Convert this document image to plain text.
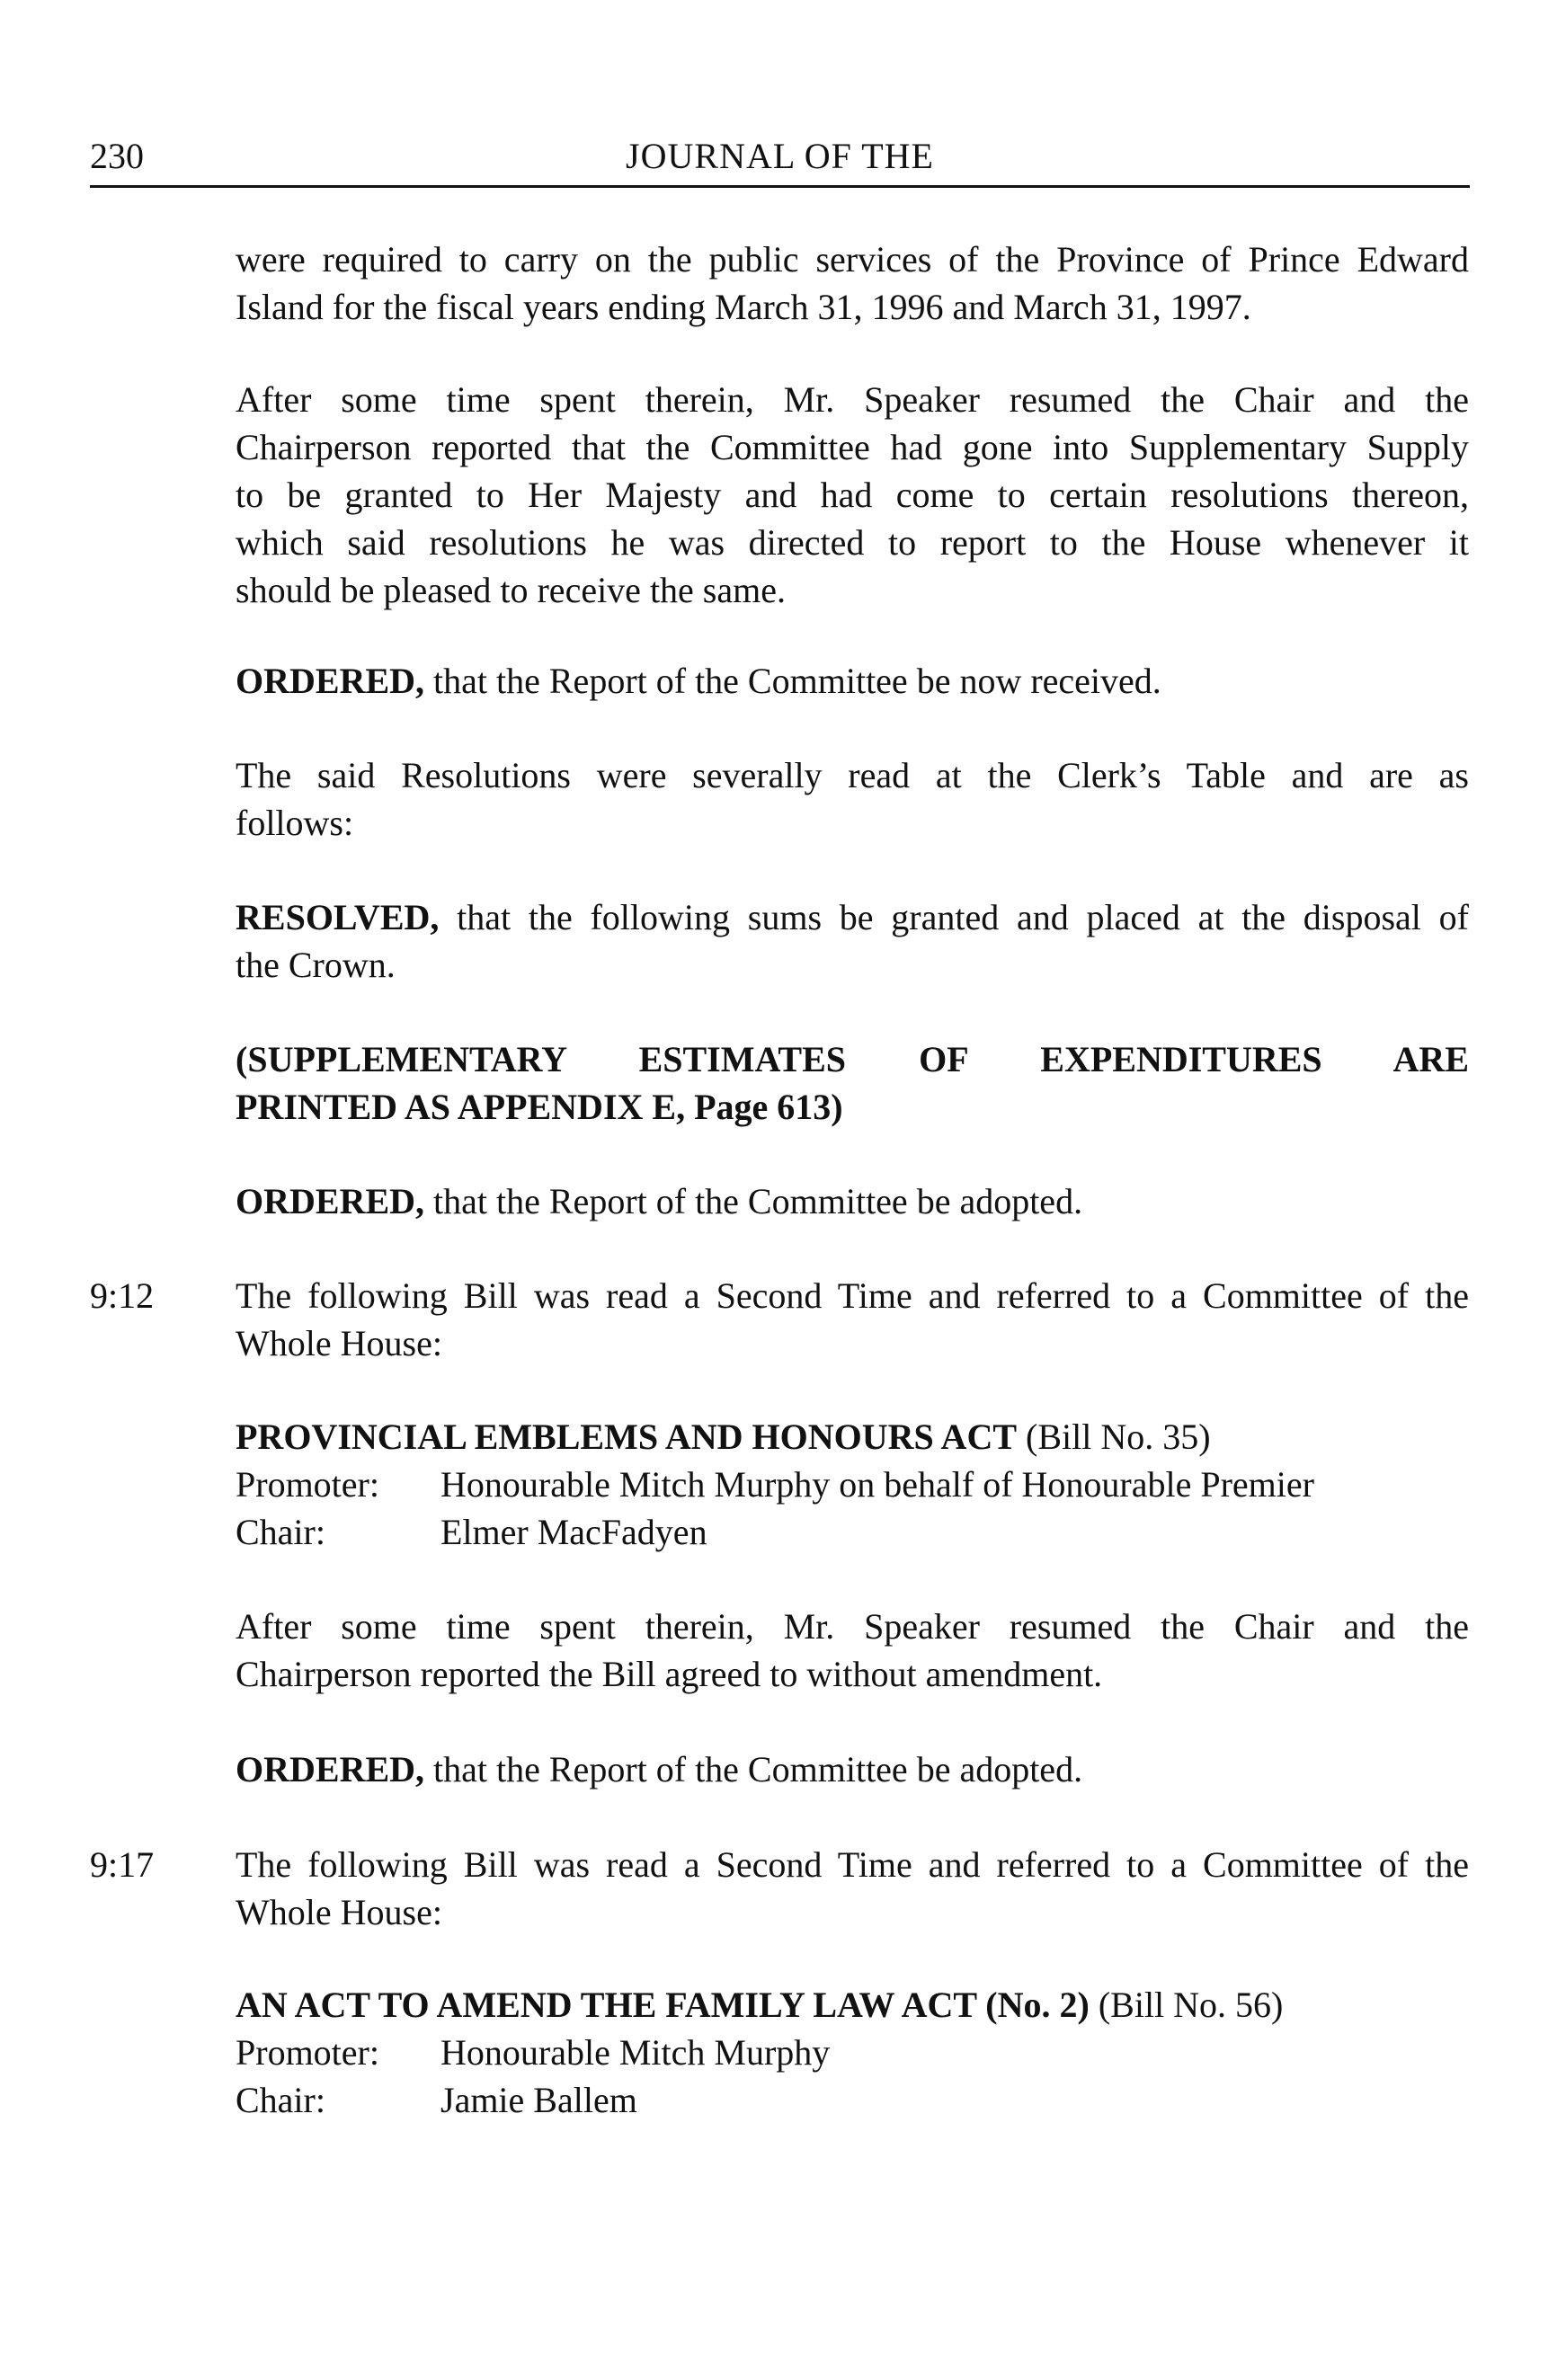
230	JOURNAL OF THE
were required to carry on the public services of the Province of Prince Edward
Island for the fiscal years ending March 31, 1996 and March 31, 1997.
After some time spent therein, Mr. Speaker resumed the Chair and the
Chairperson reported that the Committee had gone into Supplementary Supply
to be granted to Her Majesty and had come to certain resolutions thereon,
which said resolutions he was directed to report to the House whenever it
should be pleased to receive the same.
ORDERED, that the Report of the Committee be now received.
The said Resolutions were severally read at the Clerk’s Table and are as
follows:
RESOLVED, that the following sums be granted and placed at the disposal of
the Crown.
(SUPPLEMENTARY ESTIMATES OF EXPENDITURES ARE
PRINTED AS APPENDIX E, Page 613)
ORDERED, that the Report of the Committee be adopted.
9:12 The following Bill was read a Second Time and referred to a Committee of the
Whole House:
PROVINCIAL EMBLEMS AND HONOURS ACT (Bill No. 35)
Promoter: Honourable Mitch Murphy on behalf of Honourable Premier
Chair:	Elmer MacFadyen
After some time spent therein, Mr. Speaker resumed the Chair and the
Chairperson reported the Bill agreed to without amendment.
ORDERED, that the Report of the Committee be adopted.
9:17 The following Bill was read a Second Time and referred to a Committee of the
Whole House:
AN ACT TO AMEND THE FAMILY LAW ACT (No. 2) (Bill No. 56)
Promoter: Honourable Mitch Murphy
Chair:	Jamie Ballem
